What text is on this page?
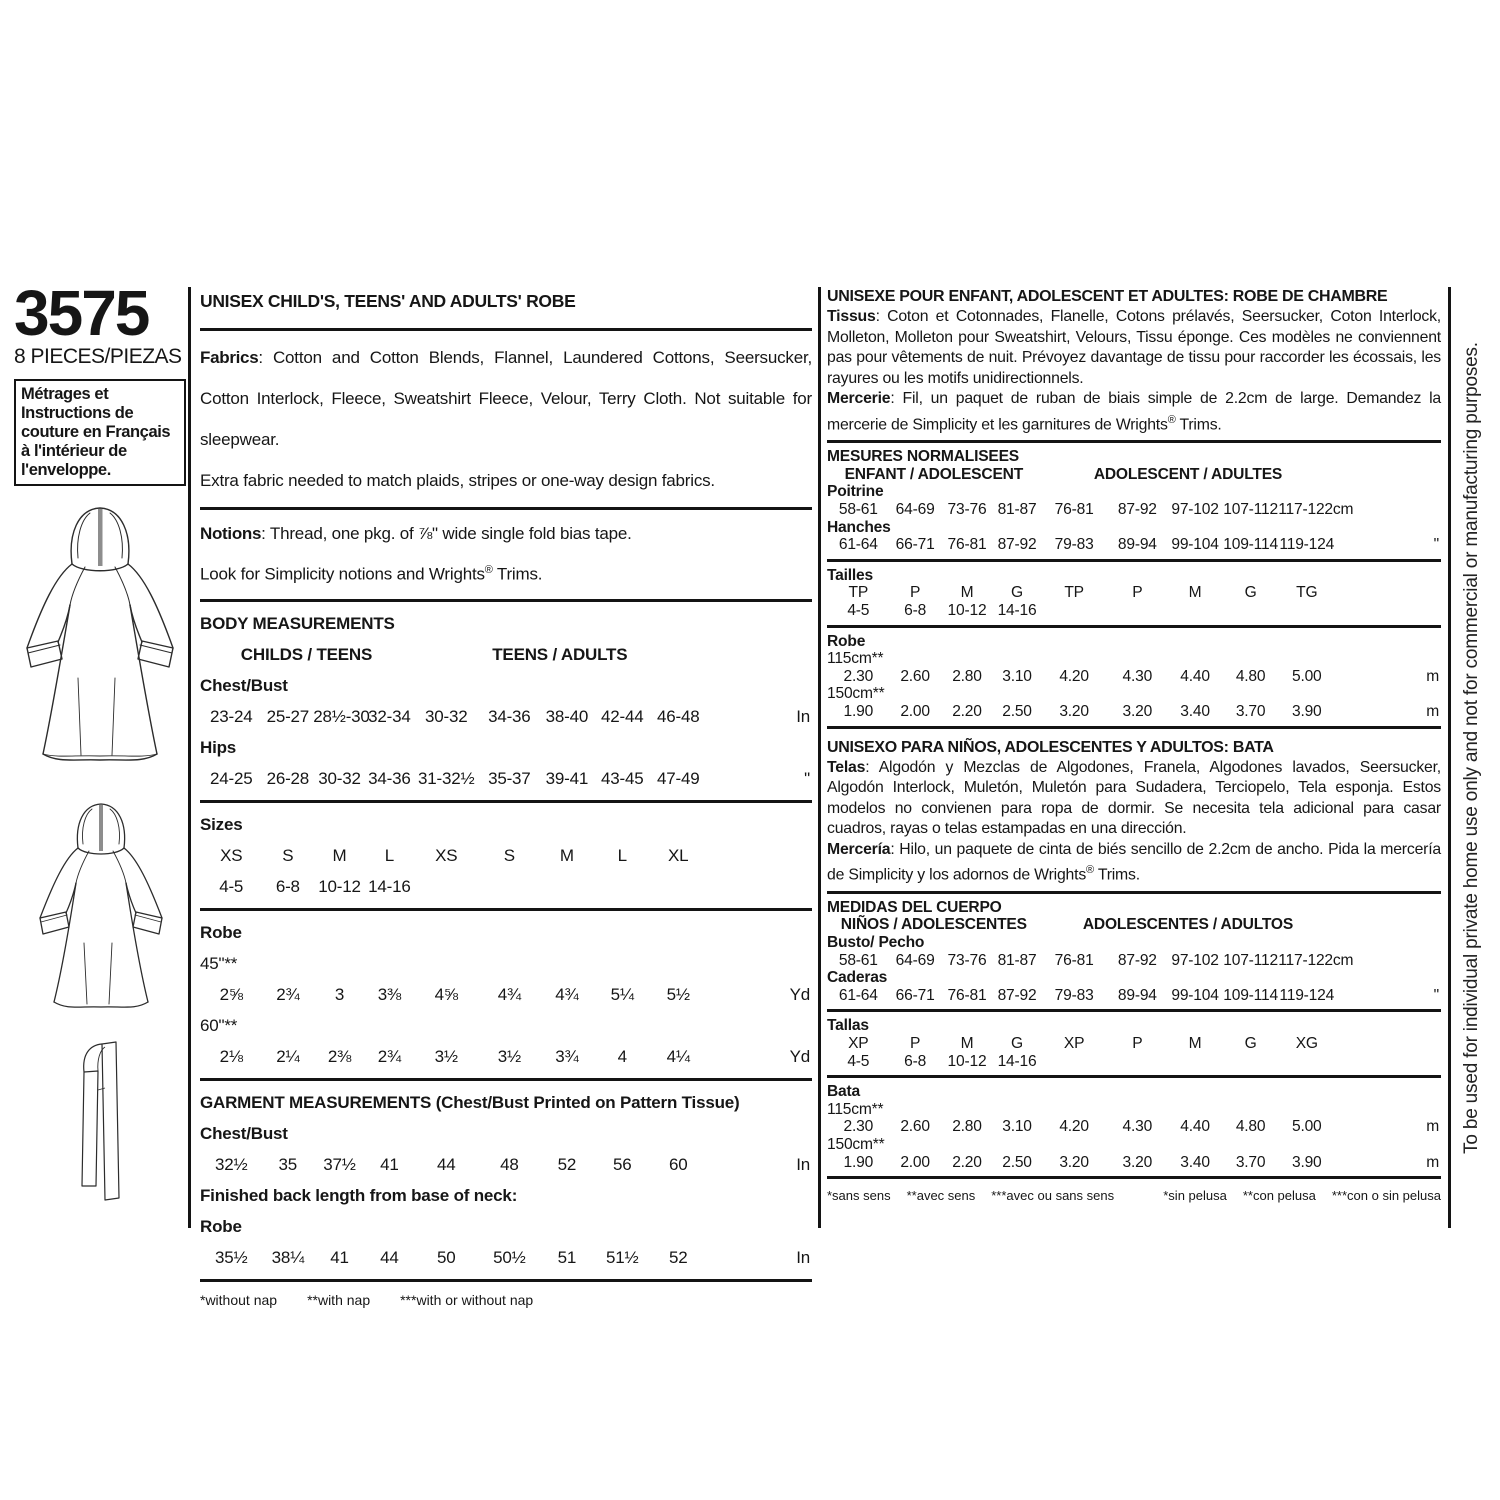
3575
8 PIECES/PIEZAS
Métrages et Instructions de couture en Français à l'intérieur de l'enveloppe.
UNISEX CHILD'S, TEENS' AND ADULTS' ROBE

Fabrics: Cotton and Cotton Blends, Flannel, Laundered Cottons, Seersucker, Cotton Interlock, Fleece, Sweatshirt Fleece, Velour, Terry Cloth. Not suitable for sleepwear.

Extra fabric needed to match plaids, stripes or one-way design fabrics.

Notions: Thread, one pkg. of ⅞" wide single fold bias tape.

Look for Simplicity notions and Wrights® Trims.

BODY MEASUREMENTS
CHILDS / TEENS	TEENS / ADULTS
Chest/Bust
23-24 25-27 28½-30
32-34 30-32	34-36 38-40 42-44 46-48	In
Hips
24-25 26-28 30-32 34-36 31-32½ 35-37 39-41 43-45 47-49	"
Sizes
XS	S	M	L	XS	S	M	L	XL
4-5	6-8	10-12 14-16
Robe
45"**
2⅝	2¾	3	3⅜	4⅝	4¾	4¾	5¼	5½	Yd
60"**
2⅛	2¼	2⅜	2¾	3½	3½	3¾	4	4¼	Yd
GARMENT MEASUREMENTS (Chest/Bust Printed on Pattern Tissue)
Chest/Bust
32½	35	37½	41	44	48	52	56	60	In
Finished back length from base of neck:
Robe
35½	38¼	41	44	50	50½	51	51½	52	In
*without nap **with nap ***with or without nap
UNISEXE POUR ENFANT, ADOLESCENT ET ADULTES: ROBE DE CHAMBRE

Tissus: Coton et Cotonnades, Flanelle, Cotons prélavés, Seersucker, Coton Interlock, Molleton, Molleton pour Sweatshirt, Velours, Tissu éponge. Ces modèles ne conviennent pas pour vêtements de nuit. Prévoyez davantage de tissu pour raccorder les écossais, les rayures ou les motifs unidirectionnels.

Mercerie: Fil, un paquet de ruban de biais simple de 2.2cm de large. Demandez la mercerie de Simplicity et les garnitures de Wrights® Trims.

MESURES NORMALISEES
ENFANT / ADOLESCENT	ADOLESCENT / ADULTES
Poitrine
58-61	64-69 73-76 81-87	76-81	87-92 97-102 107-112 117-122cm
Hanches
61-64	66-71 76-81 87-92	79-83	89-94 99-104 109-114 119-124	"
Tailles
TP	P	M	G	TP	P	M	G	TG
4-5	6-8	10-12 14-16
Robe
115cm**
2.30	2.60	2.80	3.10	4.20	4.30	4.40	4.80	5.00	m
150cm**
1.90	2.00	2.20	2.50	3.20	3.20	3.40	3.70	3.90	m
UNISEXO PARA NIÑOS, ADOLESCENTES Y ADULTOS: BATA

Telas: Algodón y Mezclas de Algodones, Franela, Algodones lavados, Seersucker, Algodón Interlock, Muletón, Muletón para Sudadera, Terciopelo, Tela esponja. Estos modelos no convienen para ropa de dormir. Se necesita tela adicional para casar cuadros, rayas o telas estampadas en una dirección.

Mercería: Hilo, un paquete de cinta de biés sencillo de 2.2cm de ancho. Pida la mercería de Simplicity y los adornos de Wrights® Trims.

MEDIDAS DEL CUERPO
NIÑOS / ADOLESCENTES	ADOLESCENTES / ADULTOS
Busto/ Pecho
58-61	64-69 73-76 81-87	76-81	87-92 97-102 107-112 117-122cm
Caderas
61-64	66-71 76-81 87-92	79-83	89-94 99-104 109-114 119-124	"
Tallas
XP	P	M	G	XP	P	M	G	XG
4-5	6-8	10-12 14-16
Bata
115cm**
2.30	2.60	2.80	3.10	4.20	4.30	4.40	4.80	5.00	m
150cm**
1.90	2.00	2.20	2.50	3.20	3.20	3.40	3.70	3.90	m
*sans sens **avec sens ***avec ou sans sens	*sin pelusa **con pelusa ***con o sin pelusa
To be used for individual private home use only and not for commercial or manufacturing purposes.
